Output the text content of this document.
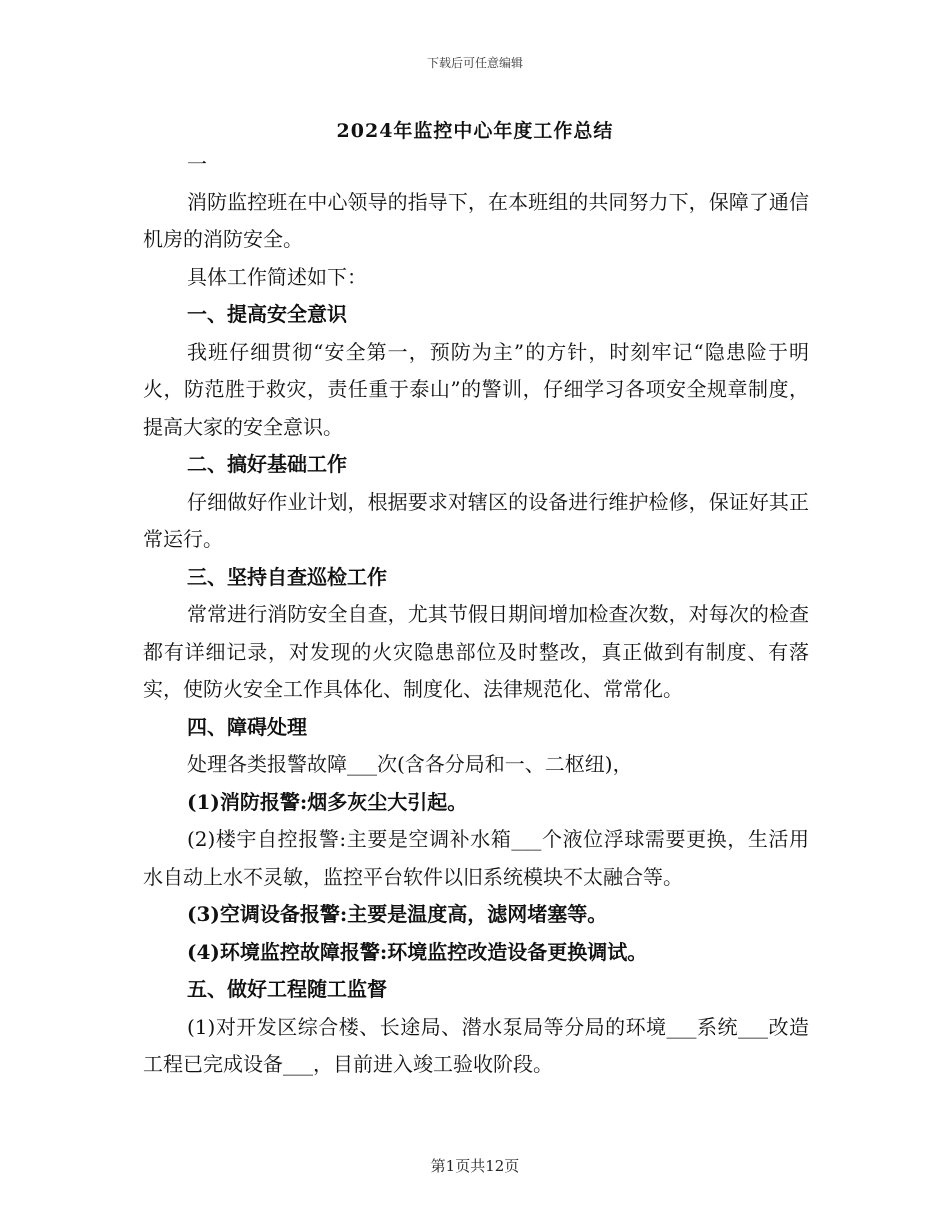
下载后可任意编辑
2024年监控中心年度工作总结

一

消防监控班在中心领导的指导下，在本班组的共同努力下，保障了通信机房的消防安全。

具体工作简述如下：

一、提高安全意识

我班仔细贯彻“安全第一，预防为主”的方针，时刻牢记“隐患险于明火，防范胜于救灾，责任重于泰山”的警训，仔细学习各项安全规章制度，提高大家的安全意识。

二、搞好基础工作

仔细做好作业计划，根据要求对辖区的设备进行维护检修，保证好其正常运行。

三、坚持自查巡检工作

常常进行消防安全自查，尤其节假日期间增加检查次数，对每次的检查都有详细记录，对发现的火灾隐患部位及时整改，真正做到有制度、有落实，使防火安全工作具体化、制度化、法律规范化、常常化。

四、障碍处理

处理各类报警故障___次(含各分局和一、二枢纽)，

(1)消防报警:烟多灰尘大引起。

(2)楼宇自控报警:主要是空调补水箱___个液位浮球需要更换，生活用水自动上水不灵敏，监控平台软件以旧系统模块不太融合等。

(3)空调设备报警:主要是温度高，滤网堵塞等。

(4)环境监控故障报警:环境监控改造设备更换调试。

五、做好工程随工监督

(1)对开发区综合楼、长途局、潜水泵局等分局的环境___系统___改造工程已完成设备___，目前进入竣工验收阶段。

第1页共12页
